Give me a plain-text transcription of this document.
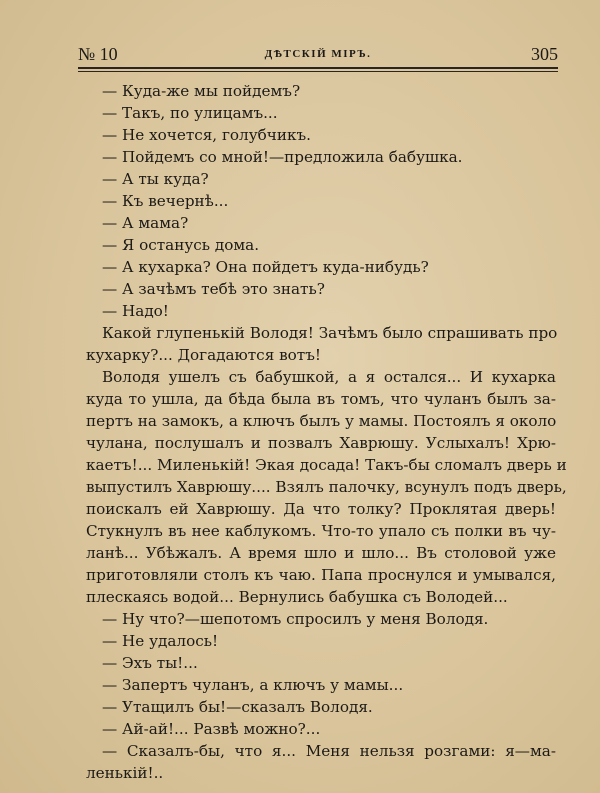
№ 10	ДѢТСКІЙ МІРЪ.	305
— Куда-же мы пойдемъ?
— Такъ, по улицамъ...
— Не хочется, голубчикъ.
— Пойдемъ со мной!—предложила бабушка.
— А ты куда?
— Къ вечернѣ...
— А мама?
— Я останусь дома.
— А кухарка? Она пойдетъ куда-нибудь?
— А зачѣмъ тебѣ это знать?
— Надо!
Какой глупенькій Володя! Зачѣмъ было спрашивать про
кухарку?... Догадаются вотъ!
Володя ушелъ съ бабушкой, а я остался... И кухарка
куда то ушла, да бѣда была въ томъ, что чуланъ былъ за-
пертъ на замокъ, а ключъ былъ у мамы. Постоялъ я около
чулана, послушалъ и позвалъ Хаврюшу. Услыхалъ! Хрю-
каетъ!... Миленькій! Экая досада! Такъ-бы сломалъ дверь и
выпустилъ Хаврюшу.... Взялъ палочку, всунулъ подъ дверь,
поискалъ ей Хаврюшу. Да что толку? Проклятая дверь!
Стукнулъ въ нее каблукомъ. Что-то упало съ полки въ чу-
ланѣ... Убѣжалъ. А время шло и шло... Въ столовой уже
приготовляли столъ къ чаю. Папа проснулся и умывался,
плескаясь водой... Вернулись бабушка съ Володей...
— Ну что?—шепотомъ спросилъ у меня Володя.
— Не удалось!
— Эхъ ты!...
— Запертъ чуланъ, а ключъ у мамы...
— Утащилъ бы!—сказалъ Володя.
— Ай-ай!... Развѣ можно?...
— Сказалъ-бы, что я... Меня нельзя розгами: я—ма-
ленькій!..
